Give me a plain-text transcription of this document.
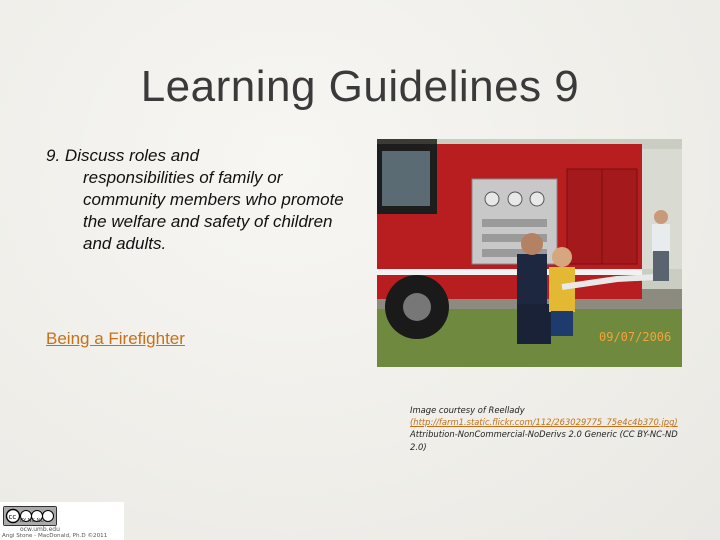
Learning Guidelines 9
9. Discuss roles and
responsibilities of family or community members who promote the welfare and safety of children and adults.
Being a Firefighter	09/07/2006
Image courtesy of Reellady
(http://farm1.static.flickr.com/112/263029775_75e4c4b370.jpg) Attribution-NonCommercial-NoDerivs 2.0 Generic (CC BY-NC-ND 2.0)
cc BY NC ND
ocw.umb.edu
Angi Stone - MacDonald, Ph.D ©2011
